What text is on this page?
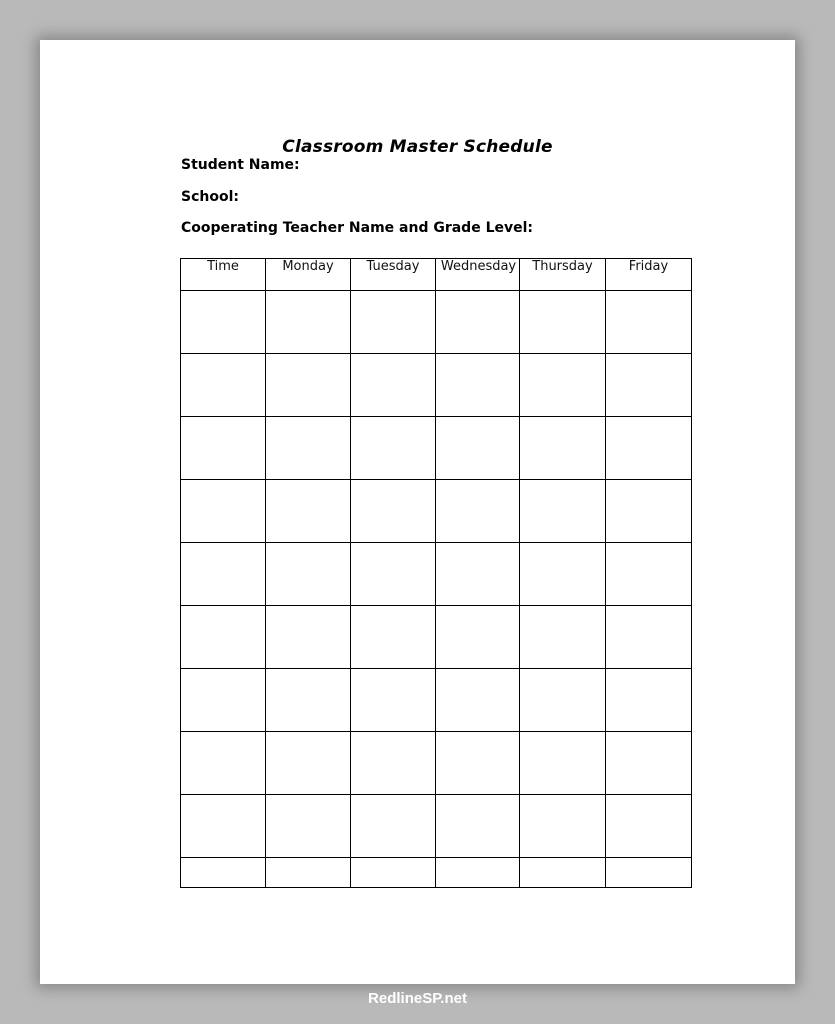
Classroom Master Schedule
Student Name:
School:
Cooperating Teacher Name and Grade Level:
Time	Monday	Tuesday	Wednesday	Thursday	Friday

RedlineSP.net
